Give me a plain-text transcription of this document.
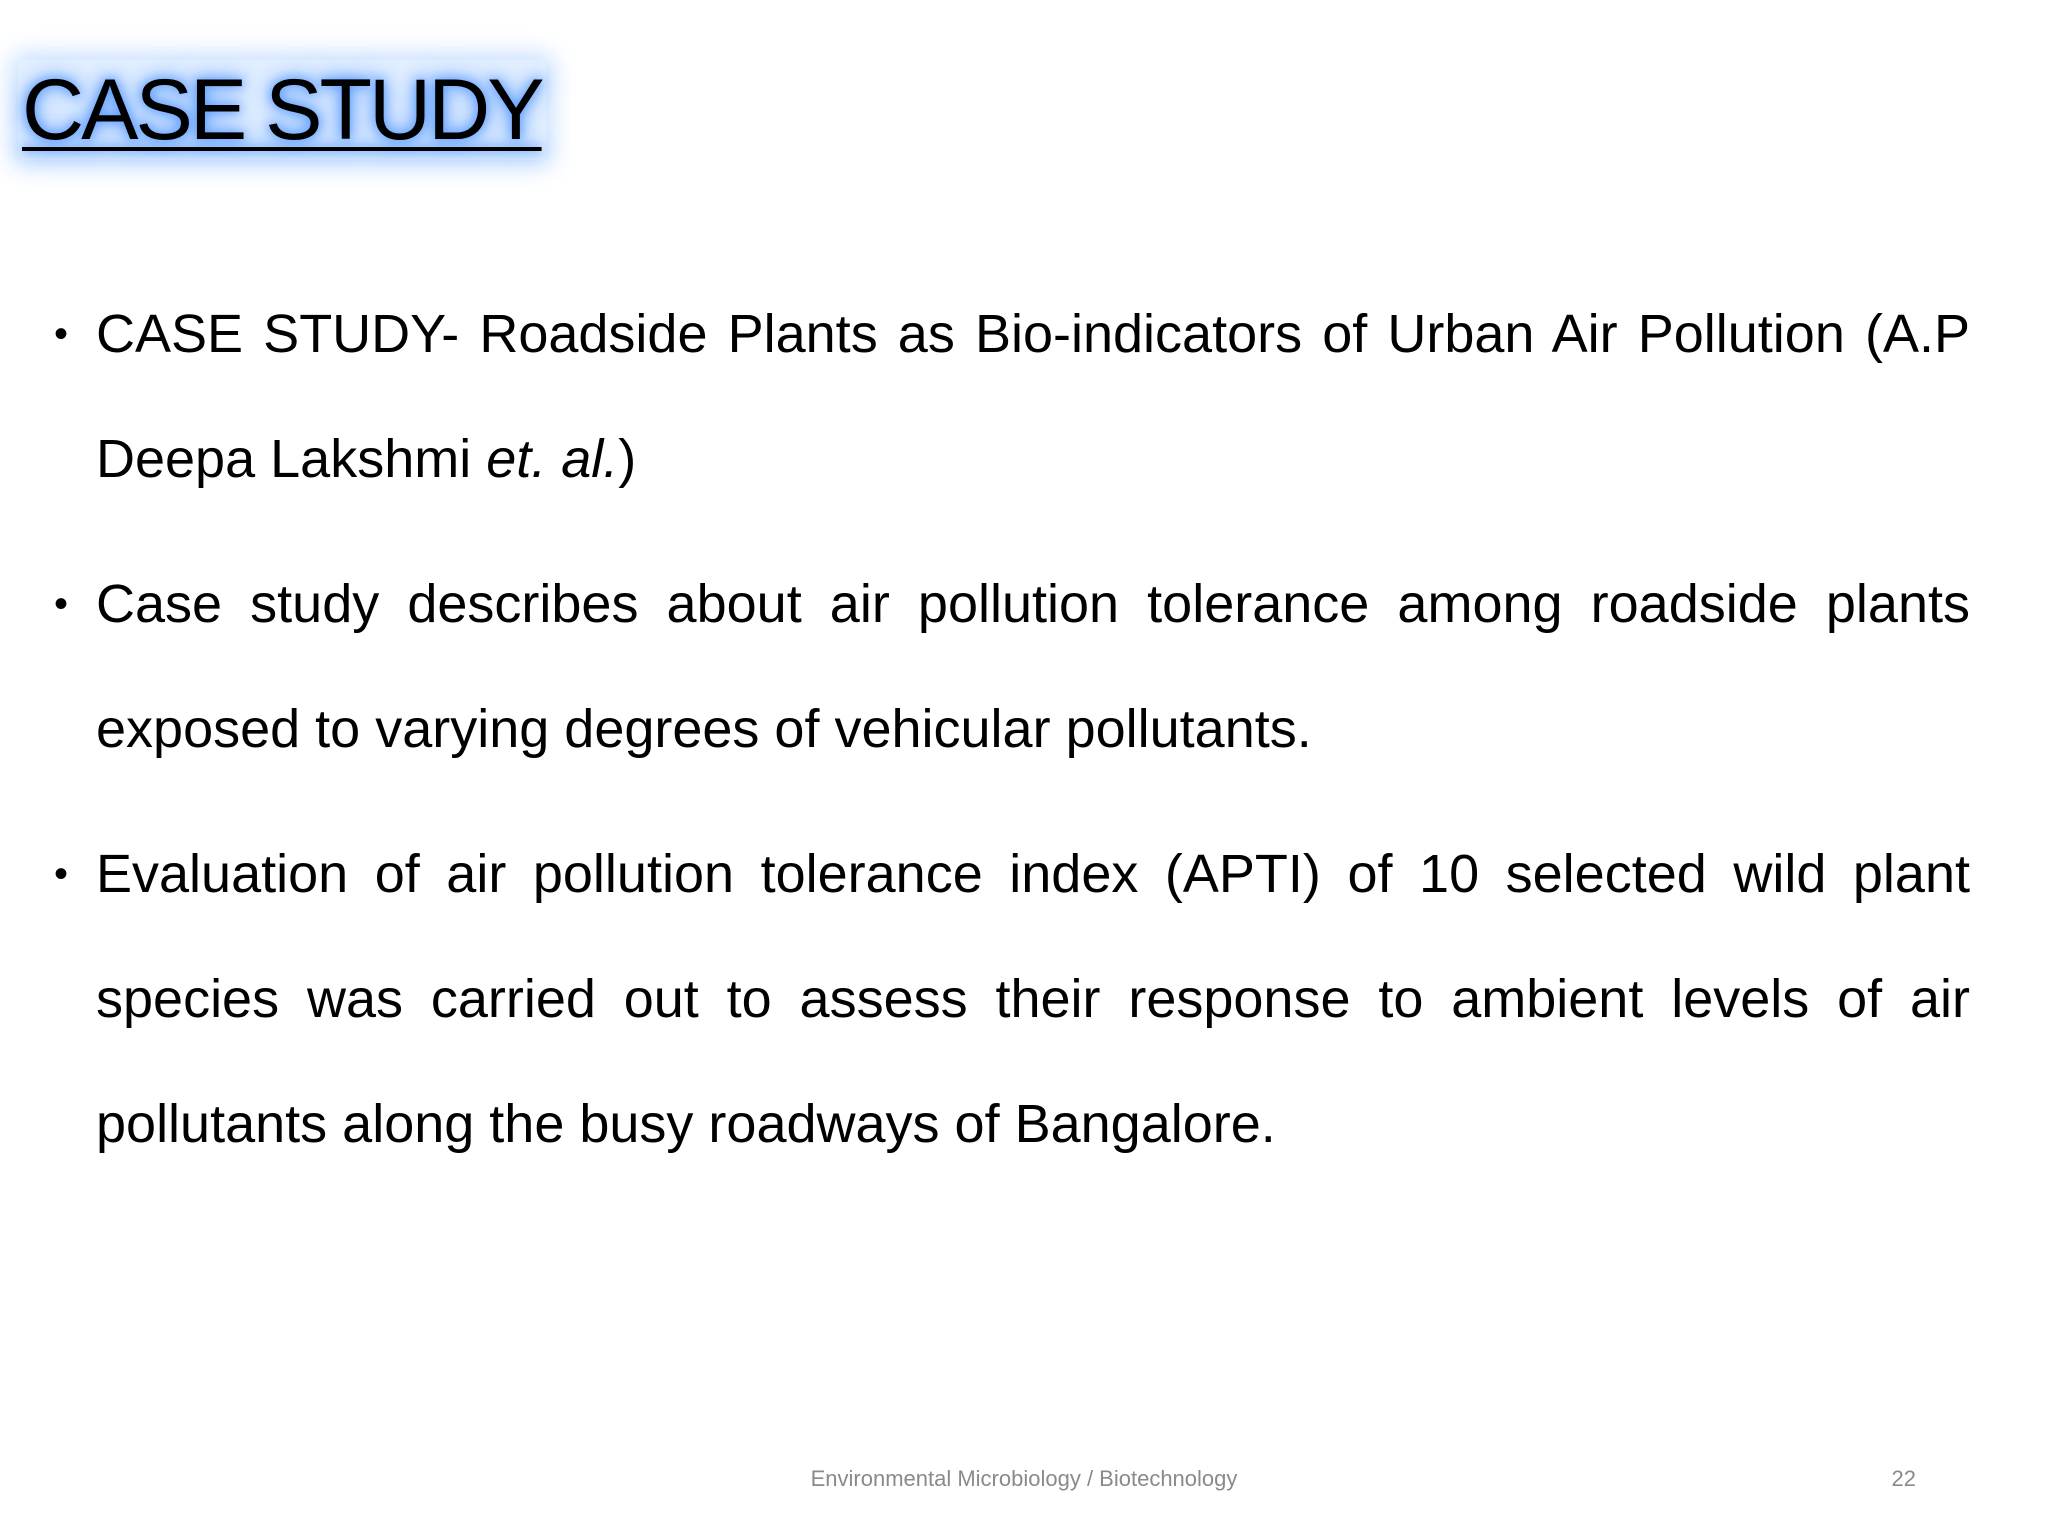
CASE STUDY
• CASE STUDY- Roadside Plants as Bio-indicators of Urban Air Pollution (A.P Deepa Lakshmi et. al.)
• Case study describes about air pollution tolerance among roadside plants exposed to varying degrees of vehicular pollutants.
• Evaluation of air pollution tolerance index (APTI) of 10 selected wild plant species was carried out to assess their response to ambient levels of air pollutants along the busy roadways of Bangalore.
Environmental Microbiology / Biotechnology	22
